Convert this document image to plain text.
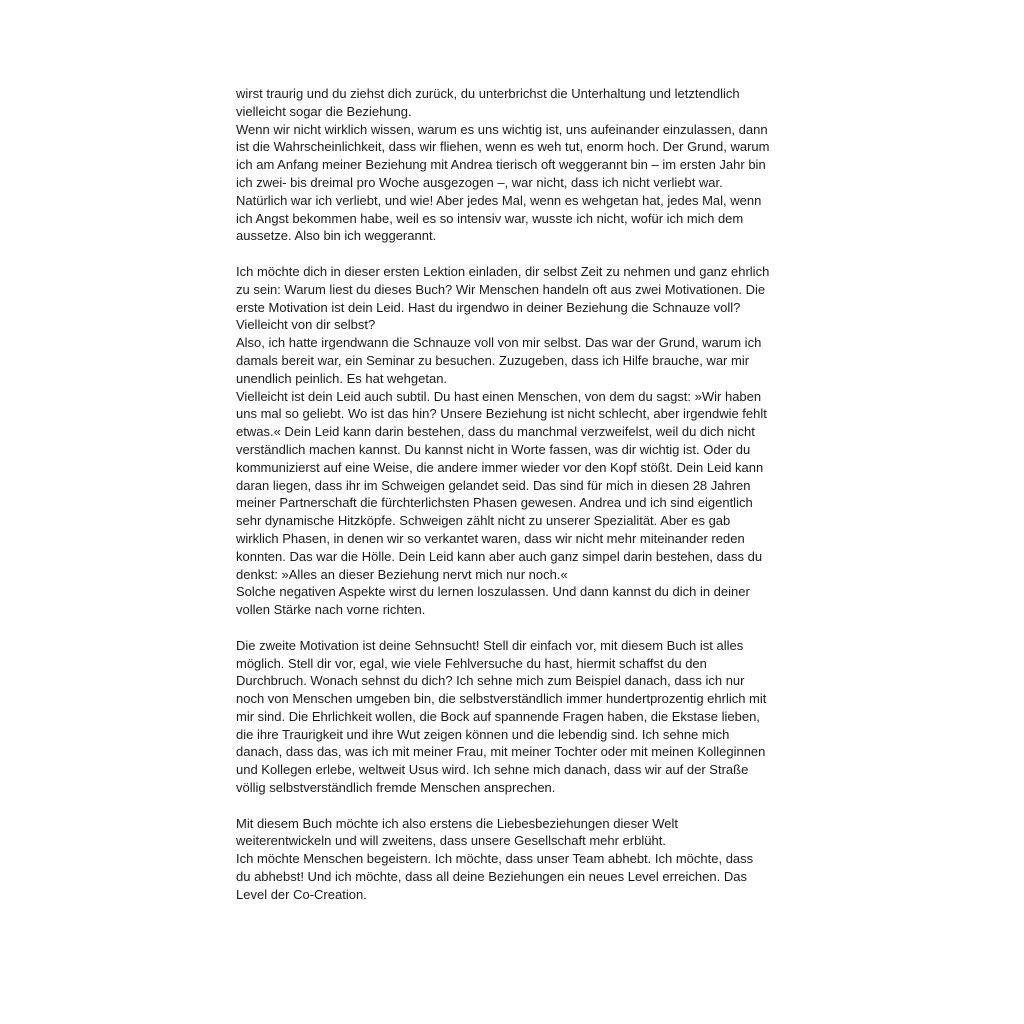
wirst traurig und du ziehst dich zurück, du unterbrichst die Unterhaltung und letztendlich
vielleicht sogar die Beziehung.

Wenn wir nicht wirklich wissen, warum es uns wichtig ist, uns aufeinander einzulassen, dann
ist die Wahrscheinlichkeit, dass wir fliehen, wenn es weh tut, enorm hoch. Der Grund, warum
ich am Anfang meiner Beziehung mit Andrea tierisch oft weggerannt bin – im ersten Jahr bin
ich zwei- bis dreimal pro Woche ausgezogen –, war nicht, dass ich nicht verliebt war.
Natürlich war ich verliebt, und wie! Aber jedes Mal, wenn es wehgetan hat, jedes Mal, wenn
ich Angst bekommen habe, weil es so intensiv war, wusste ich nicht, wofür ich mich dem
aussetze. Also bin ich weggerannt.

Ich möchte dich in dieser ersten Lektion einladen, dir selbst Zeit zu nehmen und ganz ehrlich
zu sein: Warum liest du dieses Buch? Wir Menschen handeln oft aus zwei Motivationen. Die
erste Motivation ist dein Leid. Hast du irgendwo in deiner Beziehung die Schnauze voll?
Vielleicht von dir selbst?

Also, ich hatte irgendwann die Schnauze voll von mir selbst. Das war der Grund, warum ich
damals bereit war, ein Seminar zu besuchen. Zuzugeben, dass ich Hilfe brauche, war mir
unendlich peinlich. Es hat wehgetan.

Vielleicht ist dein Leid auch subtil. Du hast einen Menschen, von dem du sagst: »Wir haben
uns mal so geliebt. Wo ist das hin? Unsere Beziehung ist nicht schlecht, aber irgendwie fehlt
etwas.« Dein Leid kann darin bestehen, dass du manchmal verzweifelst, weil du dich nicht
verständlich machen kannst. Du kannst nicht in Worte fassen, was dir wichtig ist. Oder du
kommunizierst auf eine Weise, die andere immer wieder vor den Kopf stößt. Dein Leid kann
daran liegen, dass ihr im Schweigen gelandet seid. Das sind für mich in diesen 28 Jahren
meiner Partnerschaft die fürchterlichsten Phasen gewesen. Andrea und ich sind eigentlich
sehr dynamische Hitzköpfe. Schweigen zählt nicht zu unserer Spezialität. Aber es gab
wirklich Phasen, in denen wir so verkantet waren, dass wir nicht mehr miteinander reden
konnten. Das war die Hölle. Dein Leid kann aber auch ganz simpel darin bestehen, dass du
denkst: »Alles an dieser Beziehung nervt mich nur noch.«

Solche negativen Aspekte wirst du lernen loszulassen. Und dann kannst du dich in deiner
vollen Stärke nach vorne richten.

Die zweite Motivation ist deine Sehnsucht! Stell dir einfach vor, mit diesem Buch ist alles
möglich. Stell dir vor, egal, wie viele Fehlversuche du hast, hiermit schaffst du den
Durchbruch. Wonach sehnst du dich? Ich sehne mich zum Beispiel danach, dass ich nur
noch von Menschen umgeben bin, die selbstverständlich immer hundertprozentig ehrlich mit
mir sind. Die Ehrlichkeit wollen, die Bock auf spannende Fragen haben, die Ekstase lieben,
die ihre Traurigkeit und ihre Wut zeigen können und die lebendig sind. Ich sehne mich
danach, dass das, was ich mit meiner Frau, mit meiner Tochter oder mit meinen Kolleginnen
und Kollegen erlebe, weltweit Usus wird. Ich sehne mich danach, dass wir auf der Straße
völlig selbstverständlich fremde Menschen ansprechen.

Mit diesem Buch möchte ich also erstens die Liebesbeziehungen dieser Welt
weiterentwickeln und will zweitens, dass unsere Gesellschaft mehr erblüht.

Ich möchte Menschen begeistern. Ich möchte, dass unser Team abhebt. Ich möchte, dass
du abhebst! Und ich möchte, dass all deine Beziehungen ein neues Level erreichen. Das
Level der Co-Creation.
